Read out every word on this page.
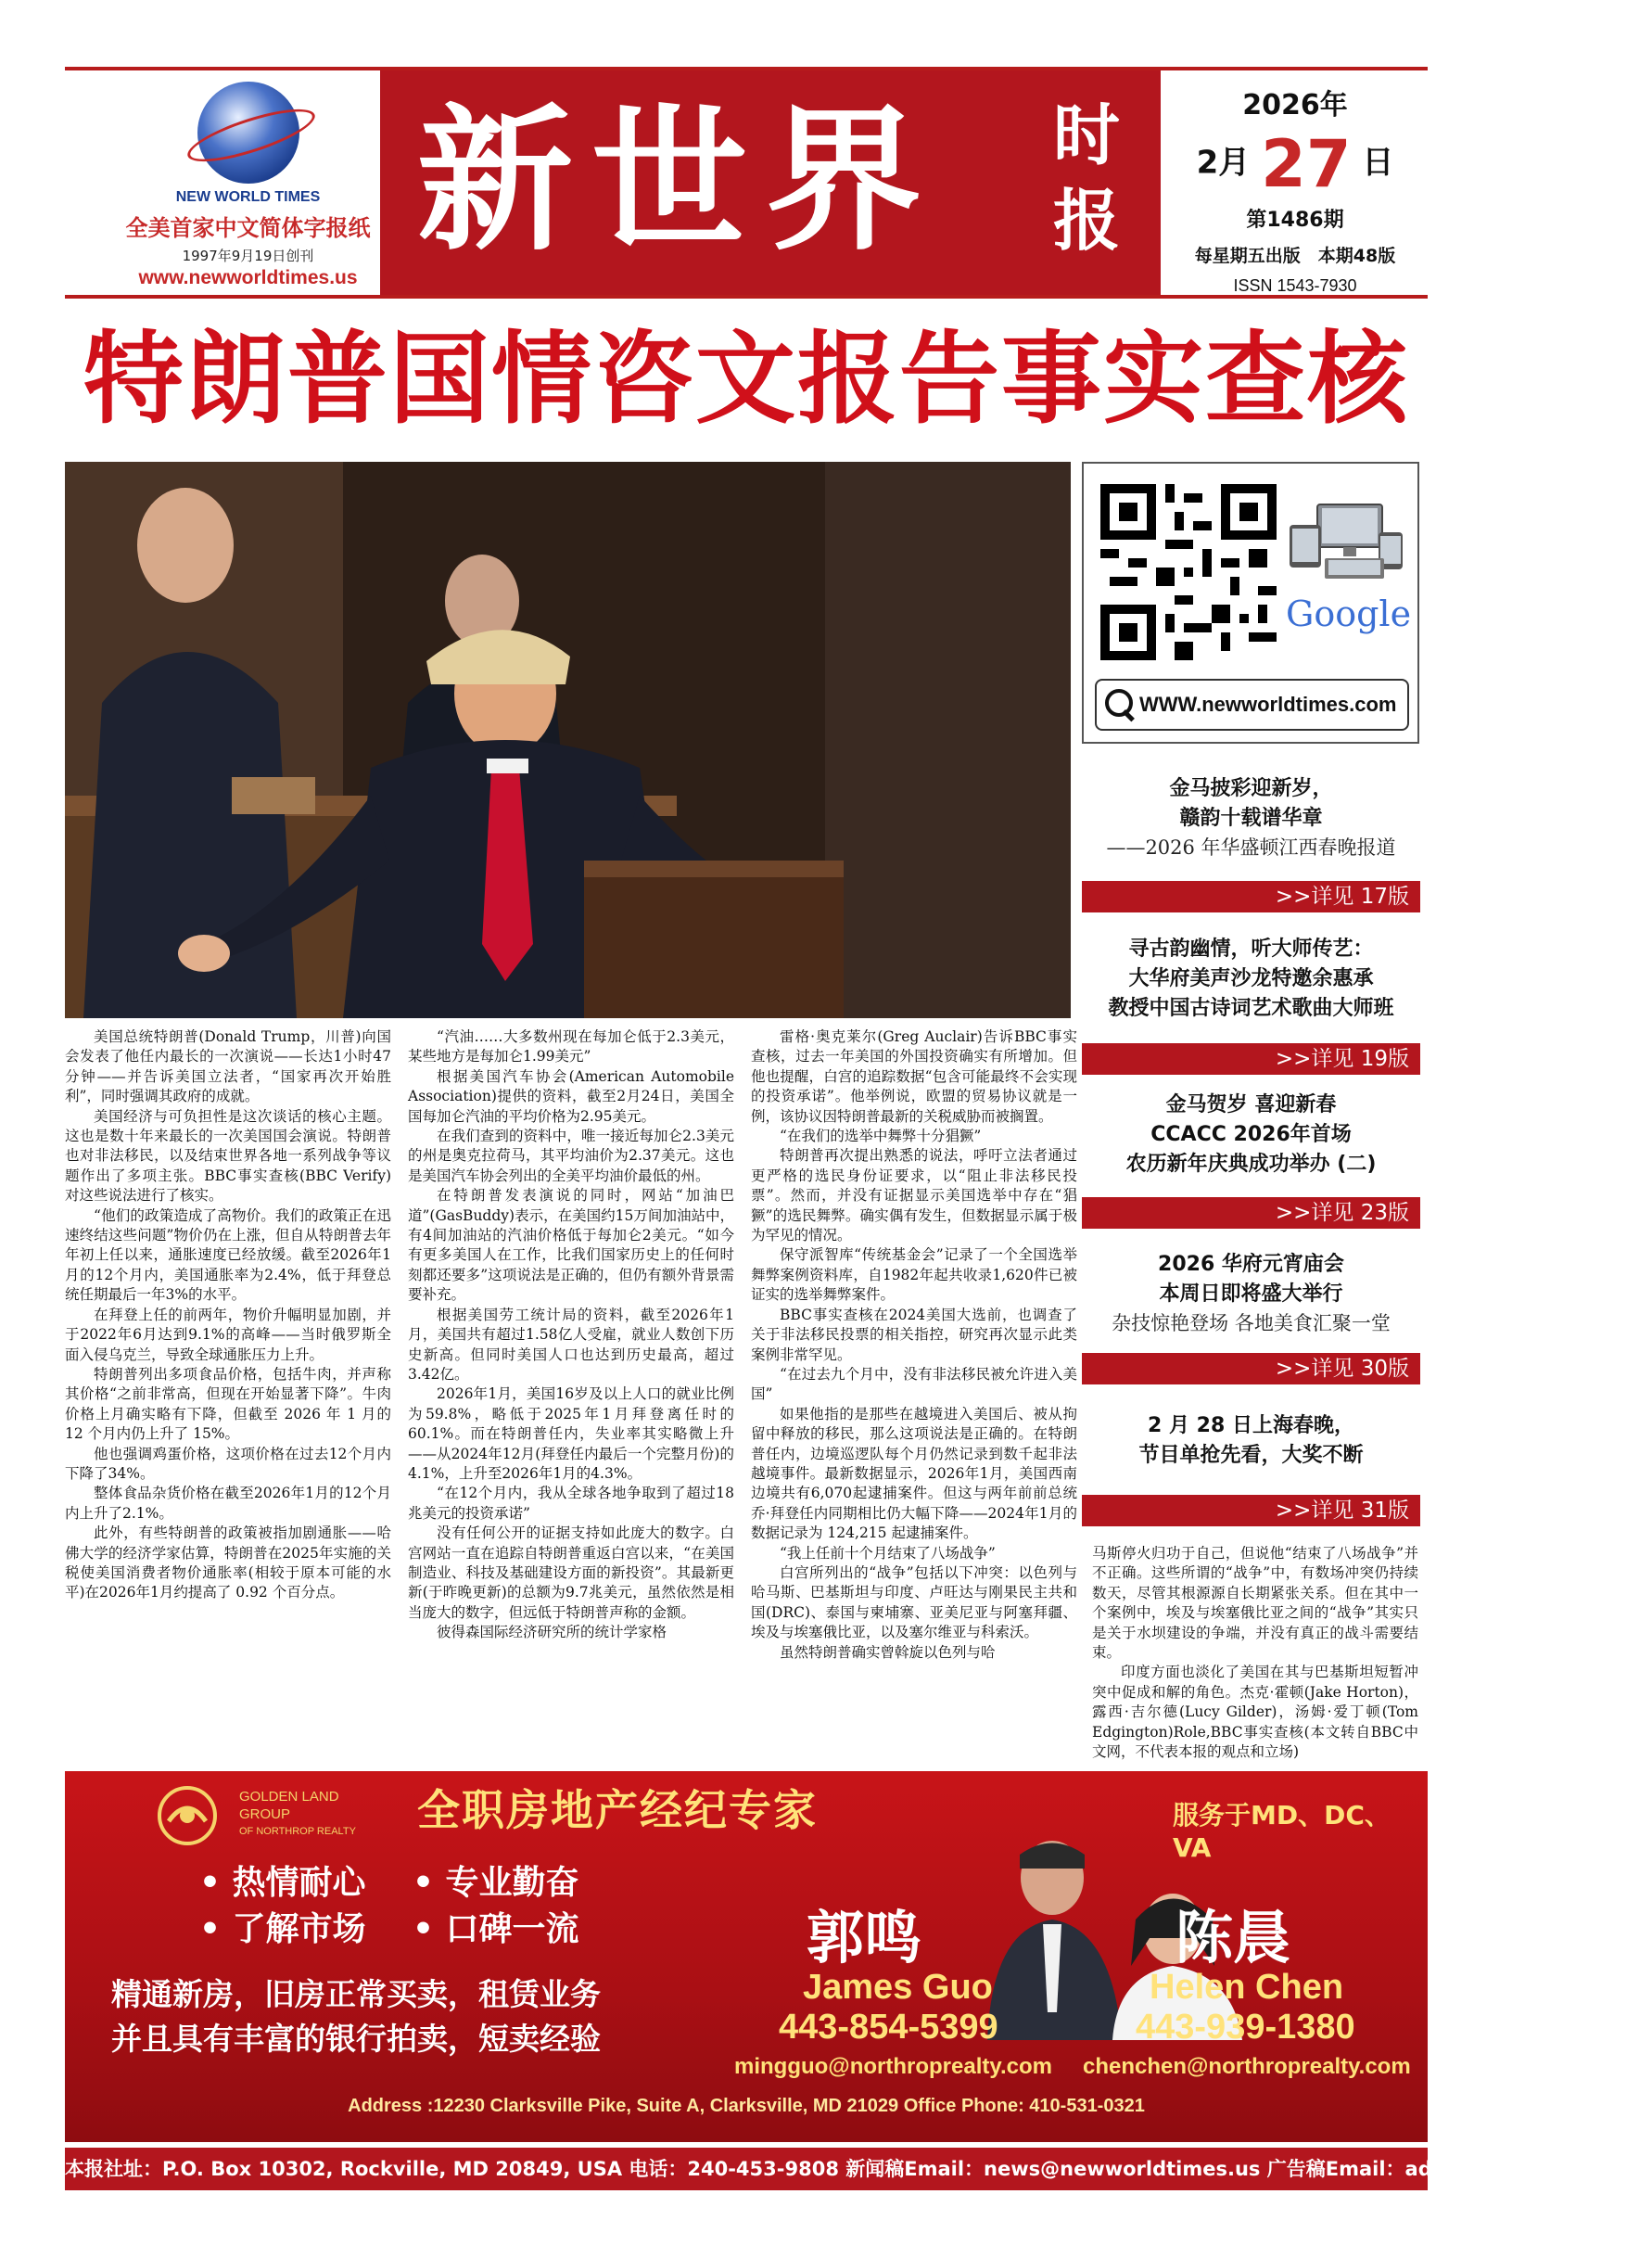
NEW WORLD TIMES
全美首家中文简体字报纸
1997年9月19日创刊
www.newworldtimes.us
新世界 时
报
2026年
2月 27 日
第1486期
每星期五出版　本期48版
ISSN 1543-7930
特朗普国情咨文报告事实查核
Google
WWW.newworldtimes.com
金马披彩迎新岁，
赣韵十载谱华章
——2026 年华盛顿江西春晚报道
>>详见 17版
寻古韵幽情，听大师传艺：
大华府美声沙龙特邀余惠承
教授中国古诗词艺术歌曲大师班
>>详见 19版
金马贺岁 喜迎新春
CCACC 2026年首场
农历新年庆典成功举办 (二)
>>详见 23版
2026 华府元宵庙会
本周日即将盛大举行
杂技惊艳登场 各地美食汇聚一堂
>>详见 30版
2 月 28 日上海春晚，
节目单抢先看，大奖不断
>>详见 31版

美国总统特朗普(Donald Trump，川普)向国会发表了他任内最长的一次演说——长达1小时47分钟——并告诉美国立法者，“国家再次开始胜利”，同时强调其政府的成就。

美国经济与可负担性是这次谈话的核心主题。这也是数十年来最长的一次美国国会演说。特朗普也对非法移民，以及结束世界各地一系列战争等议题作出了多项主张。BBC事实查核(BBC Verify) 对这些说法进行了核实。

“他们的政策造成了高物价。我们的政策正在迅速终结这些问题”物价仍在上涨，但自从特朗普去年年初上任以来，通胀速度已经放缓。截至2026年1月的12个月内，美国通胀率为2.4%，低于拜登总统任期最后一年3%的水平。

在拜登上任的前两年，物价升幅明显加剧，并于2022年6月达到9.1%的高峰——当时俄罗斯全面入侵乌克兰，导致全球通胀压力上升。

特朗普列出多项食品价格，包括牛肉，并声称其价格“之前非常高，但现在开始显著下降”。牛肉价格上月确实略有下降，但截至 2026 年 1 月的 12 个月内仍上升了 15%。

他也强调鸡蛋价格，这项价格在过去12个月内下降了34%。

整体食品杂货价格在截至2026年1月的12个月内上升了2.1%。

此外，有些特朗普的政策被指加剧通胀——哈佛大学的经济学家估算，特朗普在2025年实施的关税使美国消费者物价通胀率(相较于原本可能的水平)在2026年1月约提高了 0.92 个百分点。

“汽油……大多数州现在每加仑低于2.3美元，某些地方是每加仑1.99美元”

根据美国汽车协会(American Automobile Association)提供的资料，截至2月24日，美国全国每加仑汽油的平均价格为2.95美元。

在我们查到的资料中，唯一接近每加仑2.3美元的州是奥克拉荷马，其平均油价为2.37美元。这也是美国汽车协会列出的全美平均油价最低的州。

在特朗普发表演说的同时，网站“加油巴道”(GasBuddy)表示，在美国约15万间加油站中，有4间加油站的汽油价格低于每加仑2美元。“如今有更多美国人在工作，比我们国家历史上的任何时刻都还要多”这项说法是正确的，但仍有额外背景需要补充。

根据美国劳工统计局的资料，截至2026年1月，美国共有超过1.58亿人受雇，就业人数创下历史新高。但同时美国人口也达到历史最高，超过3.42亿。

2026年1月，美国16岁及以上人口的就业比例为59.8%，略低于2025年1月拜登离任时的60.1%。而在特朗普任内，失业率其实略微上升——从2024年12月(拜登任内最后一个完整月份)的4.1%，上升至2026年1月的4.3%。

“在12个月内，我从全球各地争取到了超过18兆美元的投资承诺”

没有任何公开的证据支持如此庞大的数字。白宫网站一直在追踪自特朗普重返白宫以来，“在美国制造业、科技及基础建设方面的新投资”。其最新更新(于昨晚更新)的总额为9.7兆美元，虽然依然是相当庞大的数字，但远低于特朗普声称的金额。

彼得森国际经济研究所的统计学家格

雷格·奥克莱尔(Greg Auclair)告诉BBC事实查核，过去一年美国的外国投资确实有所增加。但他也提醒，白宫的追踪数据“包含可能最终不会实现的投资承诺”。他举例说，欧盟的贸易协议就是一例，该协议因特朗普最新的关税威胁而被搁置。

“在我们的选举中舞弊十分猖獗”

特朗普再次提出熟悉的说法，呼吁立法者通过更严格的选民身份证要求，以“阻止非法移民投票”。然而，并没有证据显示美国选举中存在“猖獗”的选民舞弊。确实偶有发生，但数据显示属于极为罕见的情况。

保守派智库“传统基金会”记录了一个全国选举舞弊案例资料库，自1982年起共收录1,620件已被证实的选举舞弊案件。

BBC事实查核在2024美国大选前，也调查了关于非法移民投票的相关指控，研究再次显示此类案例非常罕见。

“在过去九个月中，没有非法移民被允许进入美国”

如果他指的是那些在越境进入美国后、被从拘留中释放的移民，那么这项说法是正确的。在特朗普任内，边境巡逻队每个月仍然记录到数千起非法越境事件。最新数据显示，2026年1月，美国西南边境共有6,070起逮捕案件。但这与两年前前总统乔·拜登任内同期相比仍大幅下降——2024年1月的数据记录为 124,215 起逮捕案件。

“我上任前十个月结束了八场战争”

白宫所列出的“战争”包括以下冲突：以色列与哈马斯、巴基斯坦与印度、卢旺达与刚果民主共和国(DRC)、泰国与柬埔寨、亚美尼亚与阿塞拜疆、埃及与埃塞俄比亚，以及塞尔维亚与科索沃。

虽然特朗普确实曾斡旋以色列与哈

马斯停火归功于自己，但说他“结束了八场战争”并不正确。这些所谓的“战争”中，有数场冲突仍持续数天，尽管其根源源自长期紧张关系。但在其中一个案例中，埃及与埃塞俄比亚之间的“战争”其实只是关于水坝建设的争端，并没有真正的战斗需要结束。

印度方面也淡化了美国在其与巴基斯坦短暂冲突中促成和解的角色。杰克·霍顿(Jake Horton)，露西·吉尔德(Lucy Gilder)，汤姆·爱丁顿(Tom Edgington)Role,BBC事实查核(本文转自BBC中文网，不代表本报的观点和立场)

GOLDEN LAND
GROUP
OF NORTHROP REALTY 全职房地产经纪专家	服务于MD、DC、VA
• 热情耐心 • 专业勤奋
• 了解市场 • 口碑一流
精通新房，旧房正常买卖，租赁业务
并且具有丰富的银行拍卖，短卖经验
郭鸣
James Guo
443-854-5399
mingguo@northroprealty.com
陈晨
Helen Chen
443-939-1380
chenchen@northroprealty.com
Address :12230 Clarksville Pike, Suite A, Clarksville, MD 21029 Office Phone: 410-531-0321
本报社址：P.O. Box 10302, Rockville, MD 20849, USA 电话：240-453-9808 新闻稿Email：news@newworldtimes.us 广告稿Email：ad@newworldtimes.us
